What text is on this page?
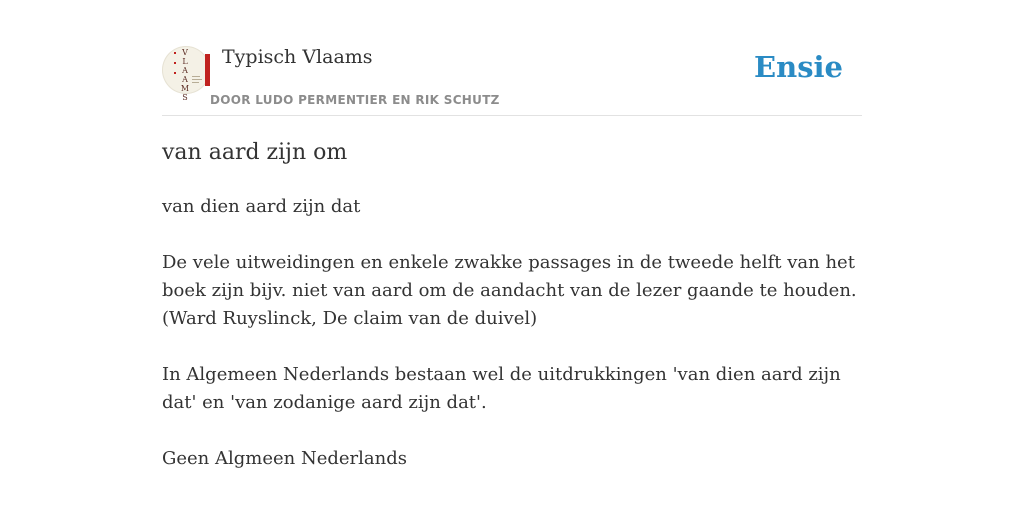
V
L
A
A
M
S
Typisch Vlaams
DOOR LUDO PERMENTIER EN RIK SCHUTZ
Ensie
van aard zijn om

van dien aard zijn dat

De vele uitweidingen en enkele zwakke passages in de tweede helft van het boek zijn bijv. niet van aard om de aandacht van de lezer gaande te houden.

(Ward Ruyslinck, De claim van de duivel)

In Algemeen Nederlands bestaan wel de uitdrukkingen 'van dien aard zijn dat' en 'van zodanige aard zijn dat'.

Geen Algmeen Nederlands
